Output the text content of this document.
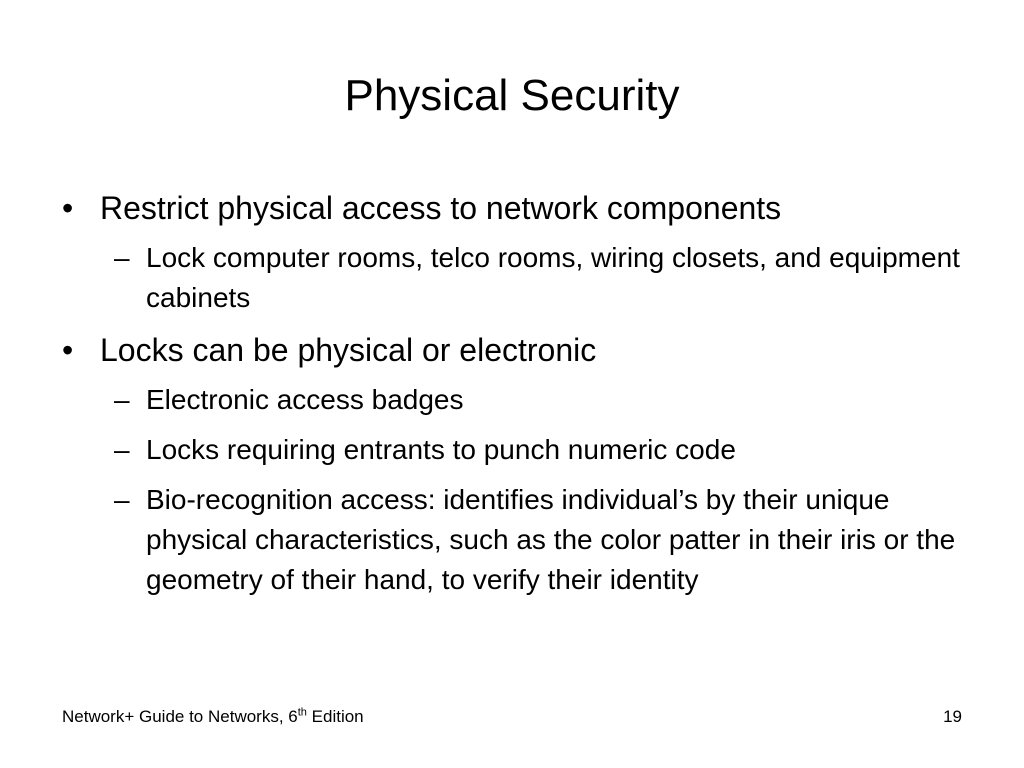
Physical Security
• Restrict physical access to network components
– Lock computer rooms, telco rooms, wiring closets, and equipment cabinets
• Locks can be physical or electronic
– Electronic access badges
– Locks requiring entrants to punch numeric code
– Bio-recognition access: identifies individual’s by their unique physical characteristics, such as the color patter in their iris or the geometry of their hand, to verify their identity
Network+ Guide to Networks, 6th Edition	19
